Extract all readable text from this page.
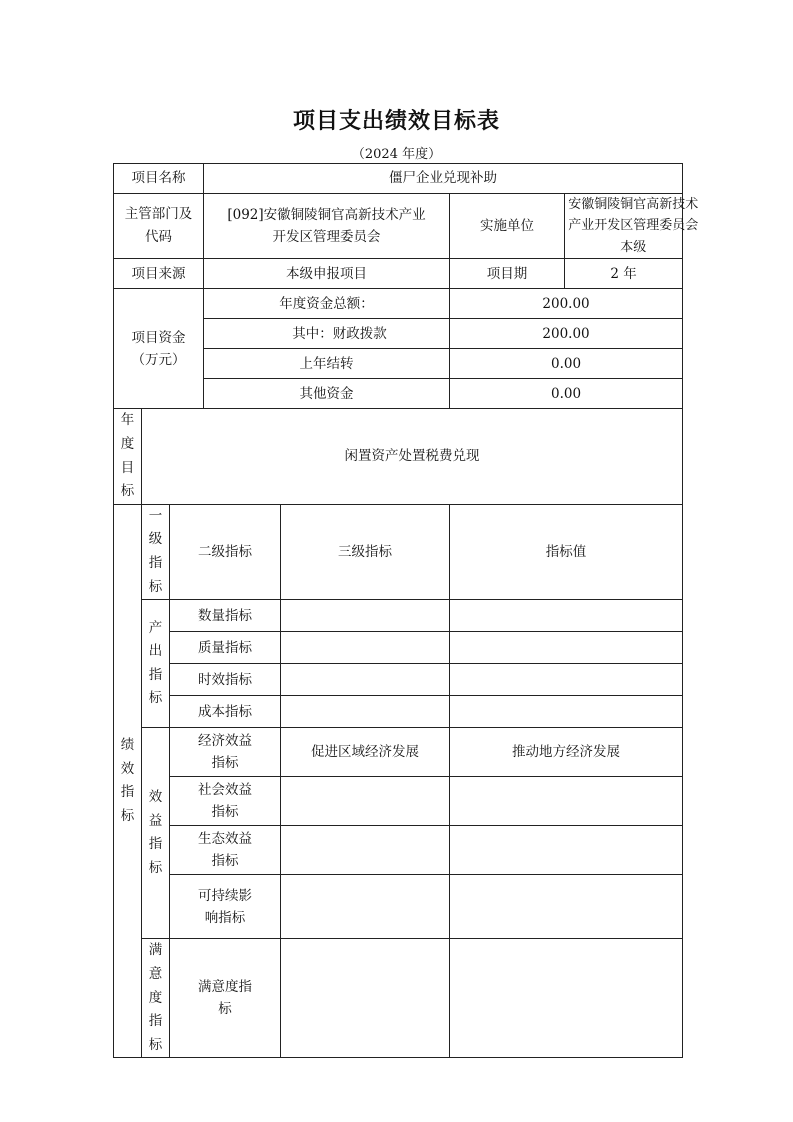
项目支出绩效目标表
（2024 年度）
项目名称			僵尸企业兑现补助			
主管部门及代码			[092]安徽铜陵铜官高新技术产业开发区管理委员会		实施单位	安徽铜陵铜官高新技术产业开发区管理委员会本级
项目来源			本级申报项目		项目期	2 年
项目资金（万元）			年度资金总额：		200.00	
			其中：财政拨款		200.00	
			上年结转		0.00	
			其他资金		0.00	
年度目标	闲置资产处置税费兑现					
绩效指标	一级指标	二级指标		三级指标	指标值	
	产出指标	数量指标				
		质量指标				
		时效指标				
		成本指标				
	效益指标	经济效益指标		促进区域经济发展	推动地方经济发展	
		社会效益指标				
		生态效益指标				
		可持续影响指标				
	满意度指标	满意度指标				
